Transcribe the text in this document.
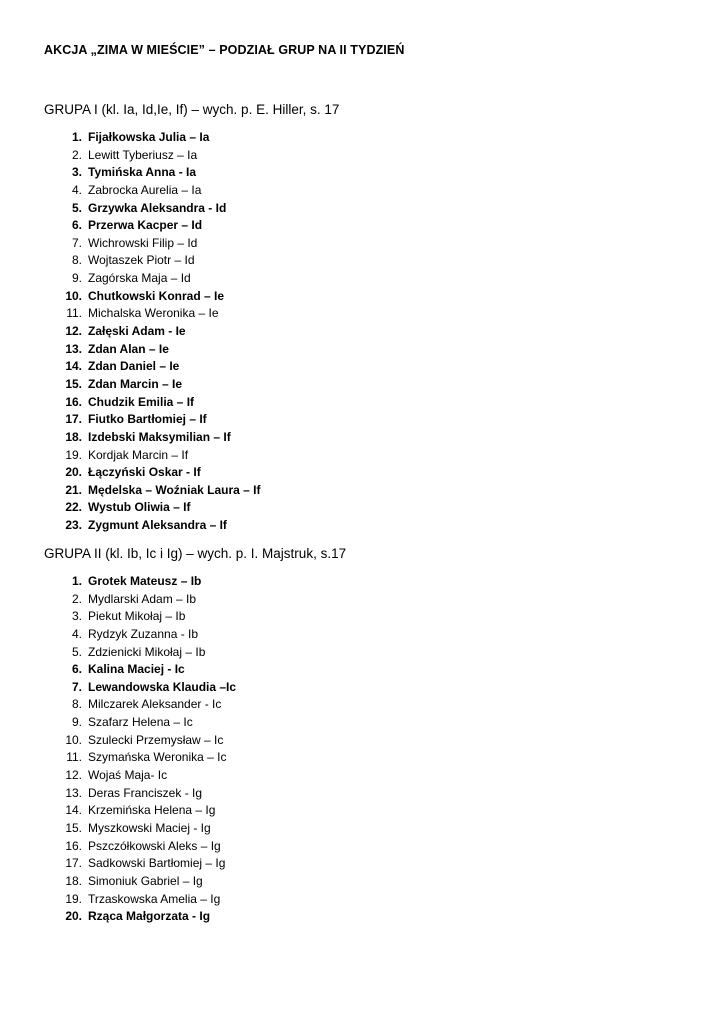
AKCJA „ZIMA W MIEŚCIE” – PODZIAŁ GRUP NA II TYDZIEŃ
GRUPA I (kl. Ia, Id,Ie, If) – wych. p. E. Hiller, s. 17
1. Fijałkowska Julia – Ia
2. Lewitt Tyberiusz – Ia
3. Tymińska Anna - Ia
4. Zabrocka Aurelia – Ia
5. Grzywka Aleksandra - Id
6. Przerwa Kacper – Id
7. Wichrowski Filip – Id
8. Wojtaszek Piotr – Id
9. Zagórska Maja – Id
10. Chutkowski Konrad – Ie
11. Michalska Weronika – Ie
12. Załęski Adam - Ie
13. Zdan Alan – Ie
14. Zdan Daniel – Ie
15. Zdan Marcin – Ie
16. Chudzik Emilia – If
17. Fiutko Bartłomiej – If
18. Izdebski Maksymilian – If
19. Kordjak Marcin – If
20. Łączyński Oskar - If
21. Mędelska – Woźniak Laura – If
22. Wystub Oliwia – If
23. Zygmunt Aleksandra – If
GRUPA II (kl. Ib, Ic i Ig) – wych. p. I. Majstruk, s.17
1. Grotek Mateusz – Ib
2. Mydlarski Adam – Ib
3. Piekut Mikołaj – Ib
4. Rydzyk Zuzanna - Ib
5. Zdzienicki Mikołaj – Ib
6. Kalina Maciej - Ic
7. Lewandowska Klaudia –Ic
8. Milczarek Aleksander - Ic
9. Szafarz Helena – Ic
10. Szulecki Przemysław – Ic
11. Szymańska Weronika – Ic
12. Wojaś Maja- Ic
13. Deras Franciszek - Ig
14. Krzemińska Helena – Ig
15. Myszkowski Maciej - Ig
16. Pszczółkowski Aleks – Ig
17. Sadkowski Bartłomiej – Ig
18. Simoniuk Gabriel – Ig
19. Trzaskowska Amelia – Ig
20. Rząca Małgorzata - Ig
